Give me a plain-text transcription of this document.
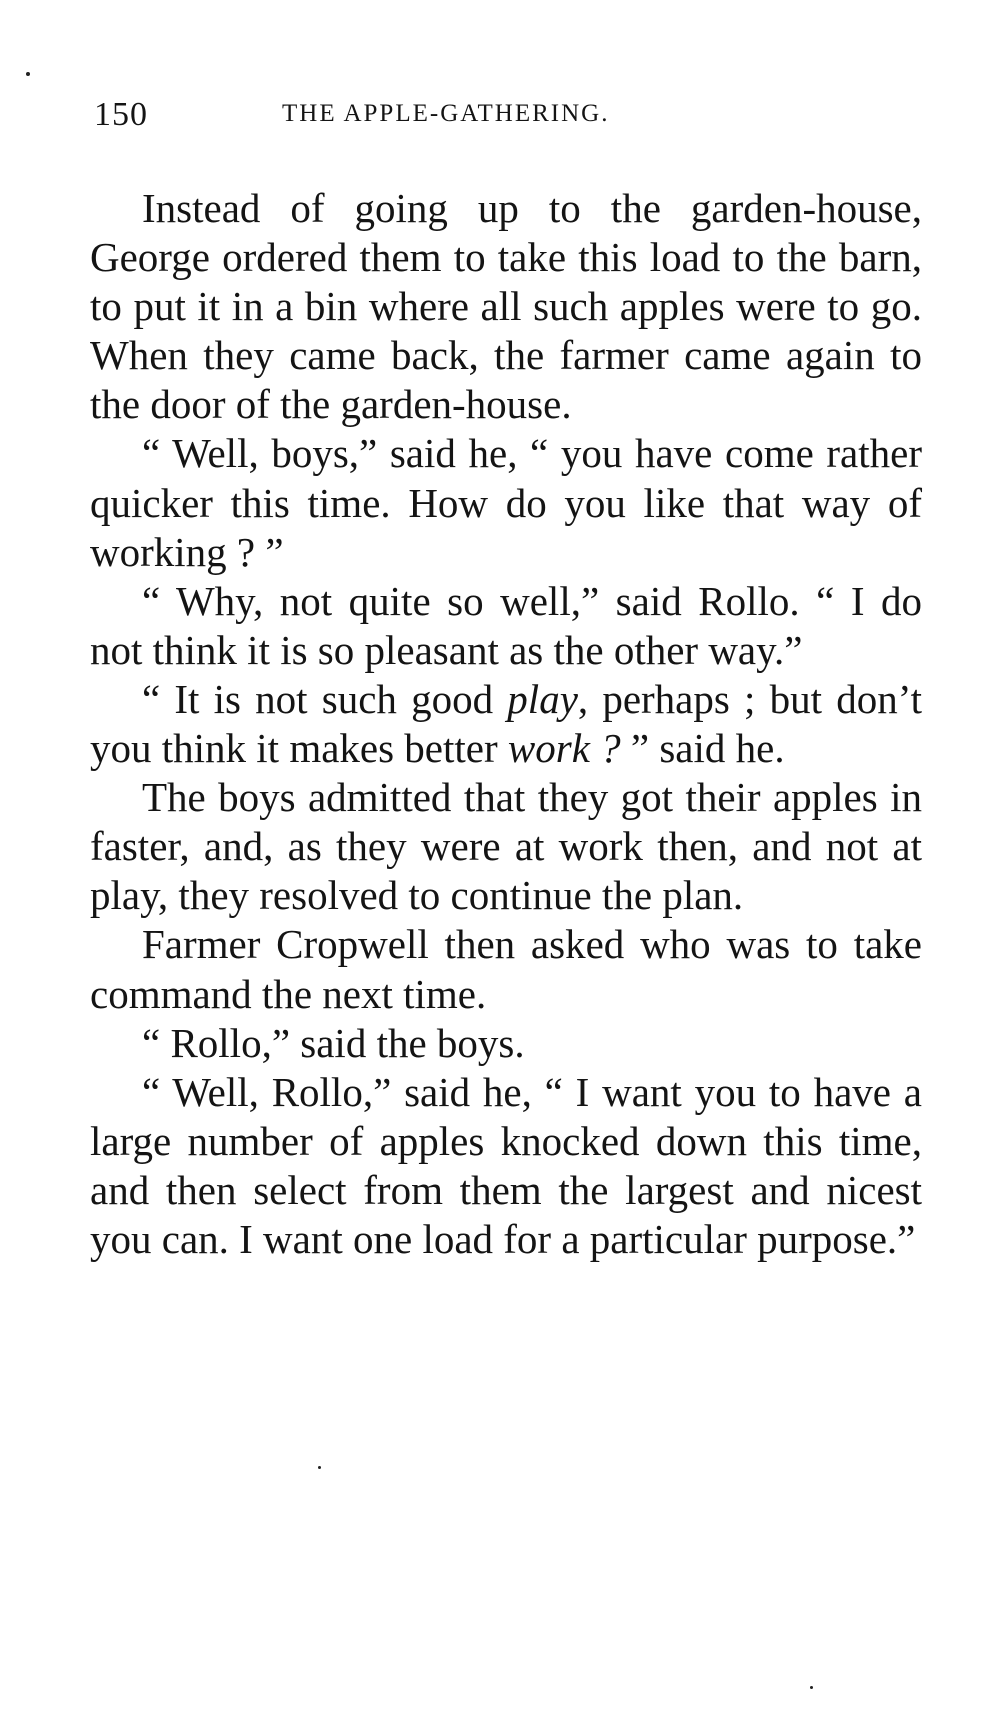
150	THE APPLE-GATHERING.

Instead of going up to the garden-house, George ordered them to take this load to the barn, to put it in a bin where all such apples were to go. When they came back, the farmer came again to the door of the garden-house.

“ Well, boys,” said he, “ you have come rather quicker this time. How do you like that way of working ? ”

“ Why, not quite so well,” said Rollo. “ I do not think it is so pleasant as the other way.”

“ It is not such good play, perhaps ; but don’t you think it makes better work ? ” said he.

The boys admitted that they got their apples in faster, and, as they were at work then, and not at play, they resolved to continue the plan.

Farmer Cropwell then asked who was to take command the next time.

“ Rollo,” said the boys.

“ Well, Rollo,” said he, “ I want you to have a large number of apples knocked down this time, and then select from them the largest and nicest you can. I want one load for a particular purpose.”
